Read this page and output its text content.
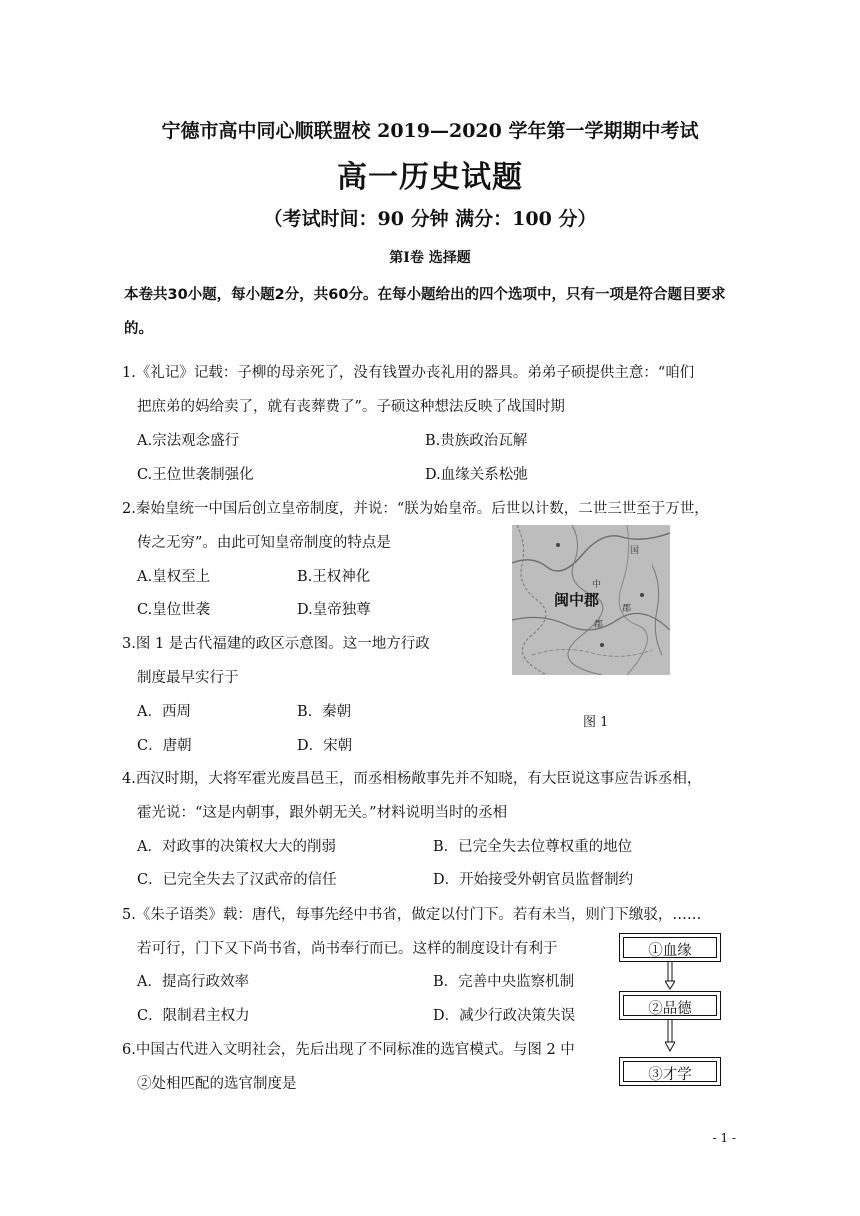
宁德市高中同心顺联盟校 2019—2020 学年第一学期期中考试
高一历史试题
（考试时间：90 分钟 满分：100 分）
第Ⅰ卷 选择题
本卷共30小题，每小题2分，共60分。在每小题给出的四个选项中，只有一项是符合题目要求
的。
1.《礼记》记载：子柳的母亲死了，没有钱置办丧礼用的器具。弟弟子硕提供主意：“咱们
把庶弟的妈给卖了，就有丧葬费了”。子硕这种想法反映了战国时期
A.宗法观念盛行	B.贵族政治瓦解
C.王位世袭制强化	D.血缘关系松弛
2.秦始皇统一中国后创立皇帝制度，并说：“朕为始皇帝。后世以计数，二世三世至于万世，
传之无穷”。由此可知皇帝制度的特点是
A.皇权至上	B.王权神化
C.皇位世袭	D.皇帝独尊
国
中
郡
郡
闽中郡
图 1
3.图 1 是古代福建的政区示意图。这一地方行政
制度最早实行于
A．西周	B．秦朝
C．唐朝	D．宋朝
4.西汉时期，大将军霍光废昌邑王，而丞相杨敞事先并不知晓，有大臣说这事应告诉丞相，
霍光说：“这是内朝事，跟外朝无关。”材料说明当时的丞相
A．对政事的决策权大大的削弱	B．已完全失去位尊权重的地位
C．已完全失去了汉武帝的信任	D．开始接受外朝官员监督制约
5.《朱子语类》载：唐代，每事先经中书省，做定以付门下。若有未当，则门下缴驳，……
若可行，门下又下尚书省，尚书奉行而已。这样的制度设计有利于
A．提高行政效率	B．完善中央监察机制
C．限制君主权力	D．减少行政决策失误
6.中国古代进入文明社会，先后出现了不同标准的选官模式。与图 2 中
②处相匹配的选官制度是
①血缘
②品德
③才学
- 1 -
